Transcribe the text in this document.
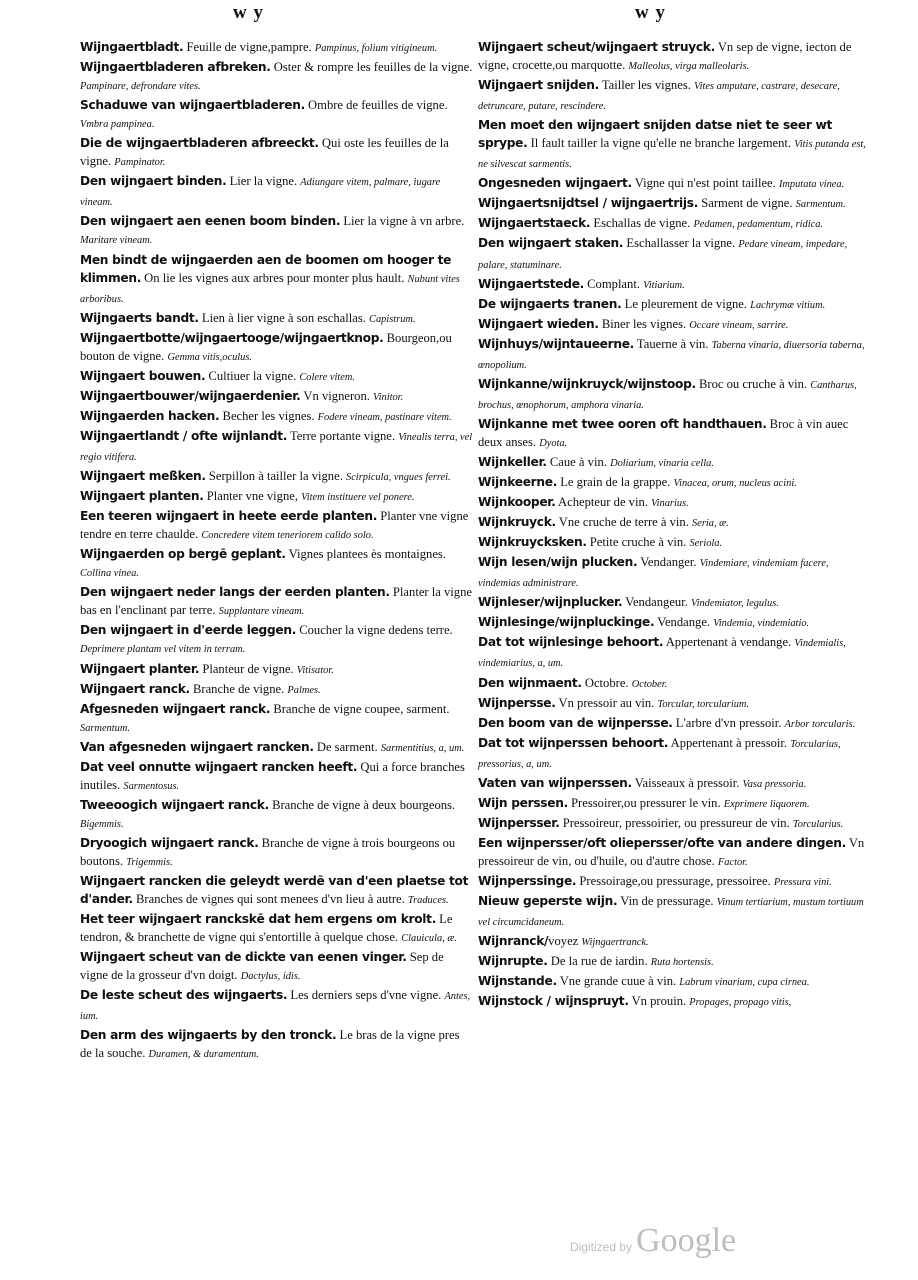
w y	w y

Wijngaertbladt. Feuille de vigne,pampre. Pampinus, folium vitigineum.

Wijngaertbladeren afbreken. Oster & rompre les feuilles de la vigne. Pampinare, defrondare vites.

Schaduwe van wijngaertbladeren. Ombre de feuilles de vigne. Vmbra pampinea.

Die de wijngaertbladeren afbreeckt. Qui oste les feuilles de la vigne. Pampinator.

Den wijngaert binden. Lier la vigne. Adiungare vitem, palmare, iugare vineam.

Den wijngaert aen eenen boom binden. Lier la vigne à vn arbre. Maritare vineam.

Men bindt de wijngaerden aen de boomen om hooger te klimmen. On lie les vignes aux arbres pour monter plus hault. Nubunt vites arboribus.

Wijngaerts bandt. Lien à lier vigne à son eschallas. Capistrum.

Wijngaertbotte/wijngaertooge/wijngaertknop. Bourgeon,ou bouton de vigne. Gemma vitis,oculus.

Wijngaert bouwen. Cultiuer la vigne. Colere vitem.

Wijngaertbouwer/wijngaerdenier. Vn vigneron. Vinitor.

Wijngaerden hacken. Becher les vignes. Fodere vineam, pastinare vitem.

Wijngaertlandt / ofte wijnlandt. Terre portante vigne. Vinealis terra, vel regio vitifera.

Wijngaert meßken. Serpillon à tailler la vigne. Scirpicula, vngues ferrei.

Wijngaert planten. Planter vne vigne, Vitem instituere vel ponere.

Een teeren wijngaert in heete eerde planten. Planter vne vigne tendre en terre chaulde. Concredere vitem teneriorem calido solo.

Wijngaerden op bergē geplant. Vignes plantees ès montaignes. Collina vinea.

Den wijngaert neder langs der eerden planten. Planter la vigne bas en l'enclinant par terre. Supplantare vineam.

Den wijngaert in d'eerde leggen. Coucher la vigne dedens terre. Deprimere plantam vel vitem in terram.

Wijngaert planter. Planteur de vigne. Vitisator.

Wijngaert ranck. Branche de vigne. Palmes.

Afgesneden wijngaert ranck. Branche de vigne coupee, sarment. Sarmentum.

Van afgesneden wijngaert rancken. De sarment. Sarmentitius, a, um.

Dat veel onnutte wijngaert rancken heeft. Qui a force branches inutiles. Sarmentosus.

Tweeoogich wijngaert ranck. Branche de vigne à deux bourgeons. Bigemmis.

Dryoogich wijngaert ranck. Branche de vigne à trois bourgeons ou boutons. Trigemmis.

Wijngaert rancken die geleydt werdē van d'een plaetse tot d'ander. Branches de vignes qui sont menees d'vn lieu à autre. Traduces.

Het teer wijngaert ranckskē dat hem ergens om krolt. Le tendron, & branchette de vigne qui s'entortille à quelque chose. Clauicula, æ.

Wijngaert scheut van de dickte van eenen vinger. Sep de vigne de la grosseur d'vn doigt. Dactylus, idis.

De leste scheut des wijngaerts. Les derniers seps d'vne vigne. Antes, ium.

Den arm des wijngaerts by den tronck. Le bras de la vigne pres de la souche. Duramen, & duramentum.

Wijngaert scheut/wijngaert struyck. Vn sep de vigne, iecton de vigne, crocette,ou marquotte. Malleolus, virga malleolaris.

Wijngaert snijden. Tailler les vignes. Vites amputare, castrare, desecare, detruncare, putare, rescindere.

Men moet den wijngaert snijden datse niet te seer wt sprype. Il fault tailler la vigne qu'elle ne branche largement. Vitis putanda est, ne silvescat sarmentis.

Ongesneden wijngaert. Vigne qui n'est point taillee. Imputata vinea.

Wijngaertsnijdtsel / wijngaertrijs. Sarment de vigne. Sarmentum.

Wijngaertstaeck. Eschallas de vigne. Pedamen, pedamentum, ridica.

Den wijngaert staken. Eschallasser la vigne. Pedare vineam, impedare, palare, statuminare.

Wijngaertstede. Complant. Vitiarium.

De wijngaerts tranen. Le pleurement de vigne. Lachrymæ vitium.

Wijngaert wieden. Biner les vignes. Occare vineam, sarrire.

Wijnhuys/wijntaueerne. Tauerne à vin. Taberna vinaria, diuersoria taberna, œnopolium.

Wijnkanne/wijnkruyck/wijnstoop. Broc ou cruche à vin. Cantharus, brochus, œnophorum, amphora vinaria.

Wijnkanne met twee ooren oft handthauen. Broc à vin auec deux anses. Dyota.

Wijnkeller. Caue à vin. Doliarium, vinaria cella.

Wijnkeerne. Le grain de la grappe. Vinacea, orum, nucleus acini.

Wijnkooper. Achepteur de vin. Vinarius.

Wijnkruyck. Vne cruche de terre à vin. Seria, æ.

Wijnkruycksken. Petite cruche à vin. Seriola.

Wijn lesen/wijn plucken. Vendanger. Vindemiare, vindemiam facere, vindemias administrare.

Wijnleser/wijnplucker. Vendangeur. Vindemiator, legulus.

Wijnlesinge/wijnpluckinge. Vendange. Vindemia, vindemiatio.

Dat tot wijnlesinge behoort. Appertenant à vendange. Vindemialis, vindemiarius, a, um.

Den wijnmaent. Octobre. October.

Wijnpersse. Vn pressoir au vin. Torcular, torcularium.

Den boom van de wijnpersse. L'arbre d'vn pressoir. Arbor torcularis.

Dat tot wijnperssen behoort. Appertenant à pressoir. Torcularius, pressorius, a, um.

Vaten van wijnperssen. Vaisseaux à pressoir. Vasa pressoria.

Wijn perssen. Pressoirer,ou pressurer le vin. Exprimere liquorem.

Wijnpersser. Pressoireur, pressoirier, ou pressureur de vin. Torcularius.

Een wijnpersser/oft oliepersser/ofte van andere dingen. Vn pressoireur de vin, ou d'huile, ou d'autre chose. Factor.

Wijnperssinge. Pressoirage,ou pressurage, pressoiree. Pressura vini.

Nieuw geperste wijn. Vin de pressurage. Vinum tertiarium, mustum tortiuum vel circumcidaneum.

Wijnranck/voyez Wijngaertranck.

Wijnrupte. De la rue de iardin. Ruta hortensis.

Wijnstande. Vne grande cuue à vin. Labrum vinarium, cupa cirnea.

Wijnstock / wijnspruyt. Vn prouin. Propages, propago vitis,

Digitized by Google
